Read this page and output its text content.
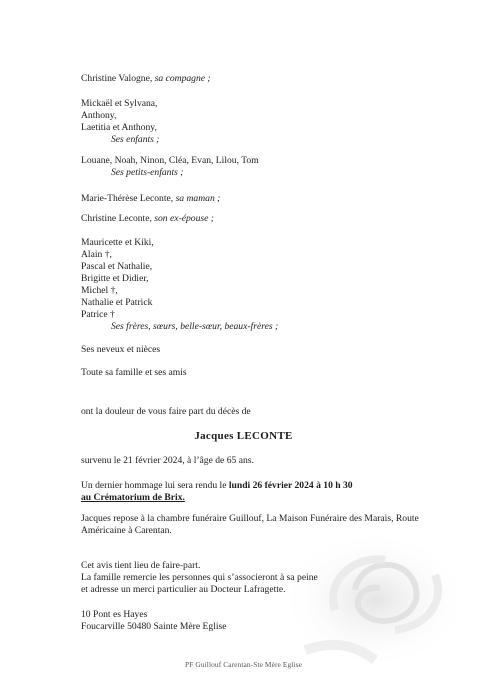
Christine Valogne, sa compagne ;
Mickaël et Sylvana,
Anthony,
Laetitia et Anthony,
Ses enfants ;
Louane, Noah, Ninon, Cléa, Evan, Lilou, Tom
Ses petits-enfants ;
Marie-Thérèse Leconte, sa maman ;
Christine Leconte, son ex-épouse ;
Mauricette et Kiki,
Alain †,
Pascal et Nathalie,
Brigitte et Didier,
Michel †,
Nathalie et Patrick
Patrice †
Ses frères, sœurs, belle-sœur, beaux-frères ;
Ses neveux et nièces
Toute sa famille et ses amis
ont la douleur de vous faire part du décès de
Jacques LECONTE
survenu le 21 février 2024, à l’âge de 65 ans.
Un dernier hommage lui sera rendu le lundi 26 février 2024 à 10 h 30
au Crématorium de Brix.
Jacques repose à la chambre funéraire Guillouf, La Maison Funéraire des Marais, Route
Américaine à Carentan.
Cet avis tient lieu de faire-part.
La famille remercie les personnes qui s’associeront à sa peine
et adresse un merci particulier au Docteur Lafragette.
10 Pont es Hayes
Foucarville 50480 Sainte Mère Eglise
PF Guillouf Carentan-Ste Mère Eglise
